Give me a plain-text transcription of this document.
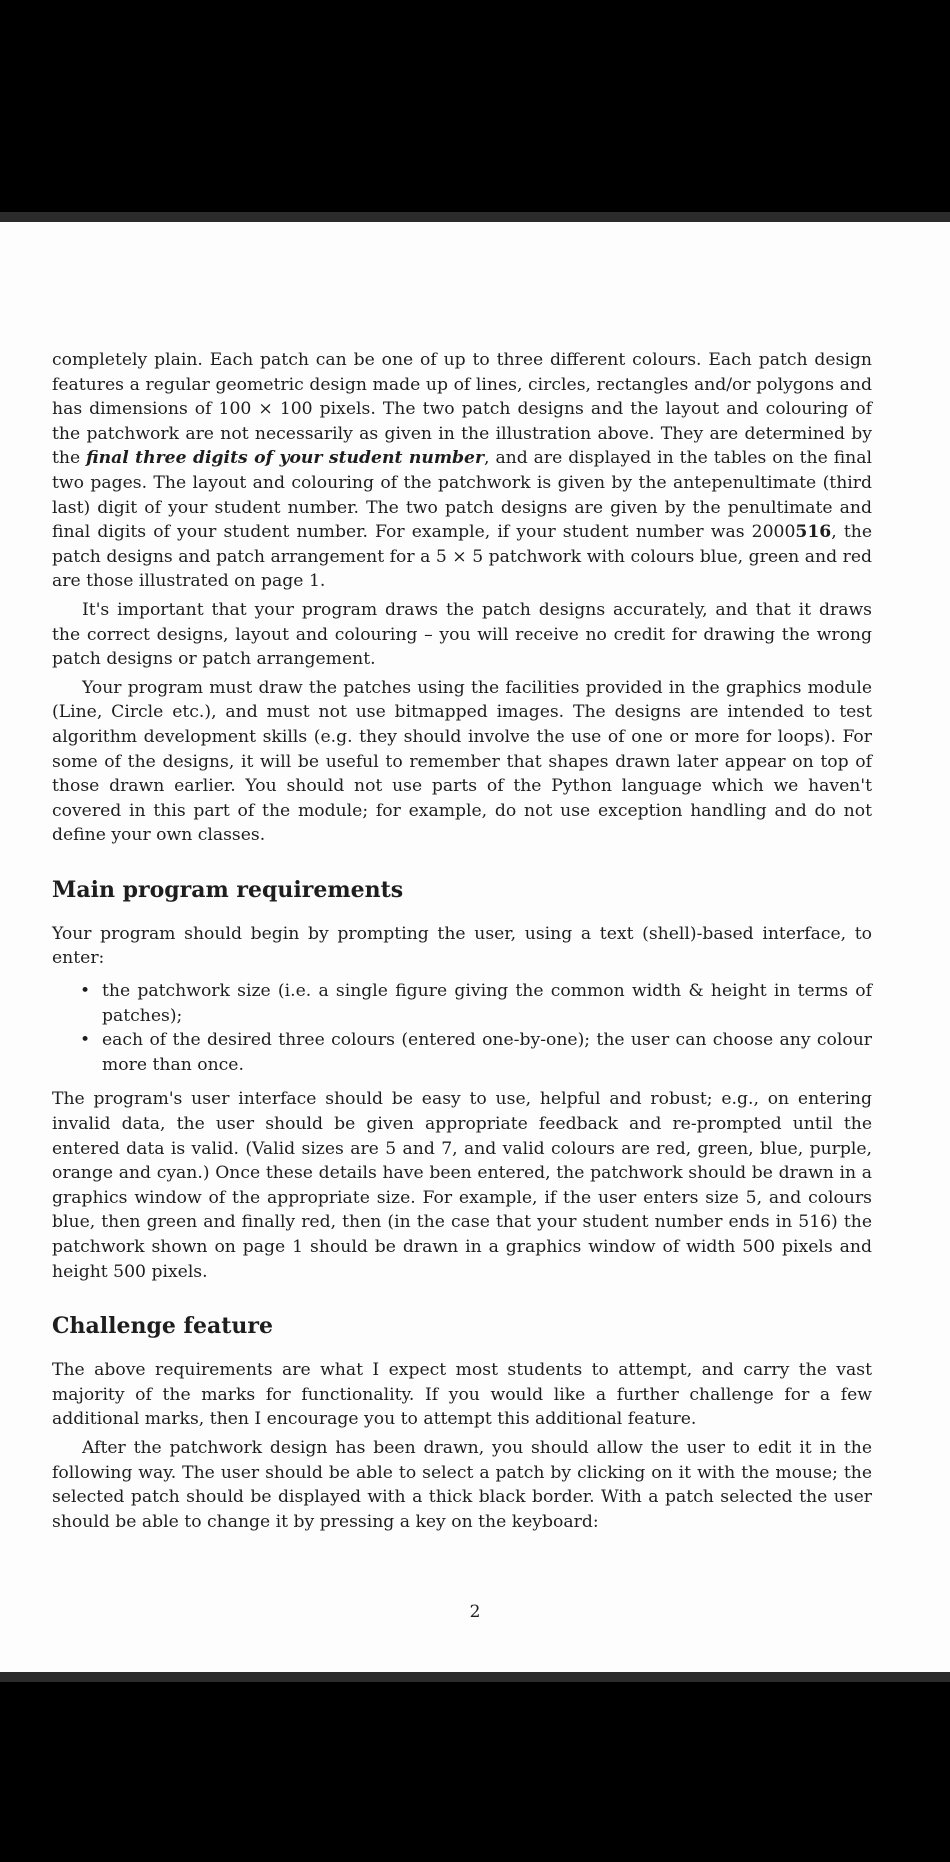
completely plain. Each patch can be one of up to three different colours. Each patch design features a regular geometric design made up of lines, circles, rectangles and/or polygons and has dimensions of 100 × 100 pixels. The two patch designs and the layout and colouring of the patchwork are not necessarily as given in the illustration above. They are determined by the final three digits of your student number, and are displayed in the tables on the final two pages. The layout and colouring of the patchwork is given by the antepenultimate (third last) digit of your student number. The two patch designs are given by the penultimate and final digits of your student number. For example, if your student number was 2000516, the patch designs and patch arrangement for a 5 × 5 patchwork with colours blue, green and red are those illustrated on page 1.

It's important that your program draws the patch designs accurately, and that it draws the correct designs, layout and colouring – you will receive no credit for drawing the wrong patch designs or patch arrangement.

Your program must draw the patches using the facilities provided in the graphics module (Line, Circle etc.), and must not use bitmapped images. The designs are intended to test algorithm development skills (e.g. they should involve the use of one or more for loops). For some of the designs, it will be useful to remember that shapes drawn later appear on top of those drawn earlier. You should not use parts of the Python language which we haven't covered in this part of the module; for example, do not use exception handling and do not define your own classes.

Main program requirements

Your program should begin by prompting the user, using a text (shell)-based interface, to enter:

• the patchwork size (i.e. a single figure giving the common width & height in terms of patches);
• each of the desired three colours (entered one-by-one); the user can choose any colour more than once.

The program's user interface should be easy to use, helpful and robust; e.g., on entering invalid data, the user should be given appropriate feedback and re-prompted until the entered data is valid. (Valid sizes are 5 and 7, and valid colours are red, green, blue, purple, orange and cyan.) Once these details have been entered, the patchwork should be drawn in a graphics window of the appropriate size. For example, if the user enters size 5, and colours blue, then green and finally red, then (in the case that your student number ends in 516) the patchwork shown on page 1 should be drawn in a graphics window of width 500 pixels and height 500 pixels.

Challenge feature

The above requirements are what I expect most students to attempt, and carry the vast majority of the marks for functionality. If you would like a further challenge for a few additional marks, then I encourage you to attempt this additional feature.

After the patchwork design has been drawn, you should allow the user to edit it in the following way. The user should be able to select a patch by clicking on it with the mouse; the selected patch should be displayed with a thick black border. With a patch selected the user should be able to change it by pressing a key on the keyboard:

2
